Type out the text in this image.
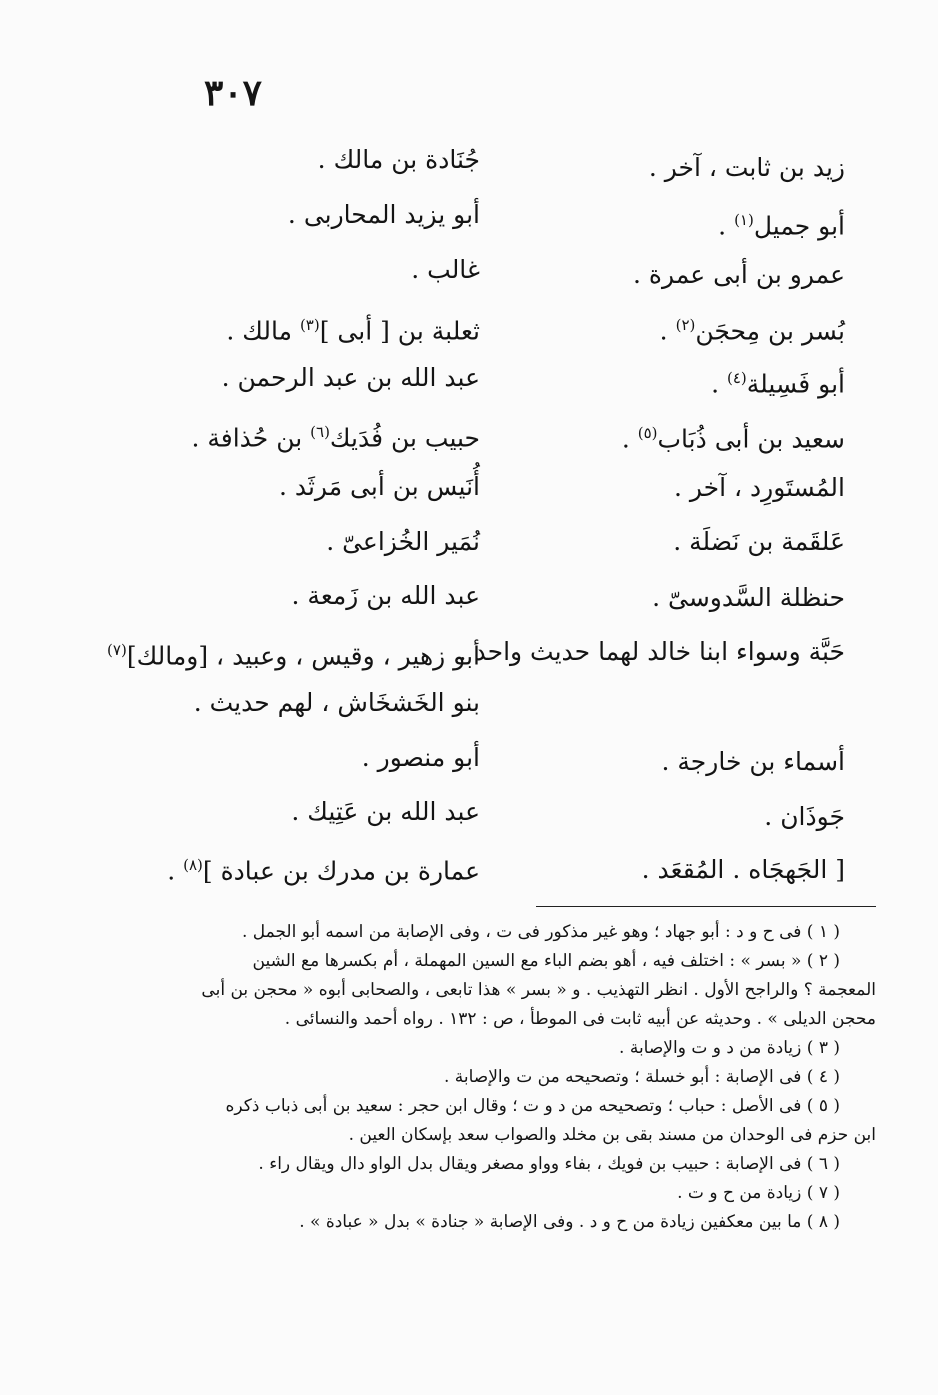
٣٠٧
زيد بن ثابت ، آخر .
أبو جميل$^{(١)}$ .
عمرو بن أبى عمرة .
بُسر بن مِحجَن$^{(٢)}$ .
أبو فَسِيلة$^{(٤)}$ .
سعيد بن أبى ذُبَاب$^{(٥)}$ .
المُستَورِد ، آخر .
عَلقَمة بن نَضلَة .
حنظلة السَّدوسىّ .
حَبَّة وسواء ابنا خالد لهما حديث واحد .
أسماء بن خارجة .
جَوذَان .
[ الجَهجَاه . المُقعَد .
جُنَادة بن مالك .
أبو يزيد المحاربى .
غالب .
ثعلبة بن [ أبى ]$^{(٣)}$ مالك .
عبد الله بن عبد الرحمن .
حبيب بن فُدَيك$^{(٦)}$ بن حُذافة .
أُنَيس بن أبى مَرثَد .
نُمَير الخُزاعىّ .
عبد الله بن زَمعة .
أبو زهير ، وقيس ، وعبيد ، [ومالك]$^{(٧)}$
بنو الخَشخَاش ، لهم حديث .
أبو منصور .
عبد الله بن عَتِيك .
عمارة بن مدرك بن عبادة ]$^{(٨)}$ .

( ١ ) فى ح و د : أبو جهاد ؛ وهو غير مذكور فى ت ، وفى الإصابة من اسمه أبو الجمل .

( ٢ ) « بسر » : اختلف فيه ، أهو بضم الباء مع السين المهملة ، أم بكسرها مع الشين

المعجمة ؟ والراجح الأول . انظر التهذيب . و « بسر » هذا تابعى ، والصحابى أبوه « محجن بن أبى

محجن الديلى » . وحديثه عن أبيه ثابت فى الموطأ ، ص : ١٣٢ . رواه أحمد والنسائى .

( ٣ ) زيادة من د و ت والإصابة .

( ٤ ) فى الإصابة : أبو خسلة ؛ وتصحيحه من ت والإصابة .

( ٥ ) فى الأصل : حباب ؛ وتصحيحه من د و ت ؛ وقال ابن حجر : سعيد بن أبى ذباب ذكره

ابن حزم فى الوحدان من مسند بقى بن مخلد والصواب سعد بإسكان العين .

( ٦ ) فى الإصابة : حبيب بن فويك ، بفاء وواو مصغر ويقال بدل الواو دال ويقال راء .

( ٧ ) زيادة من ح و ت .

( ٨ ) ما بين معكفين زيادة من ح و د . وفى الإصابة « جنادة » بدل « عبادة » .
